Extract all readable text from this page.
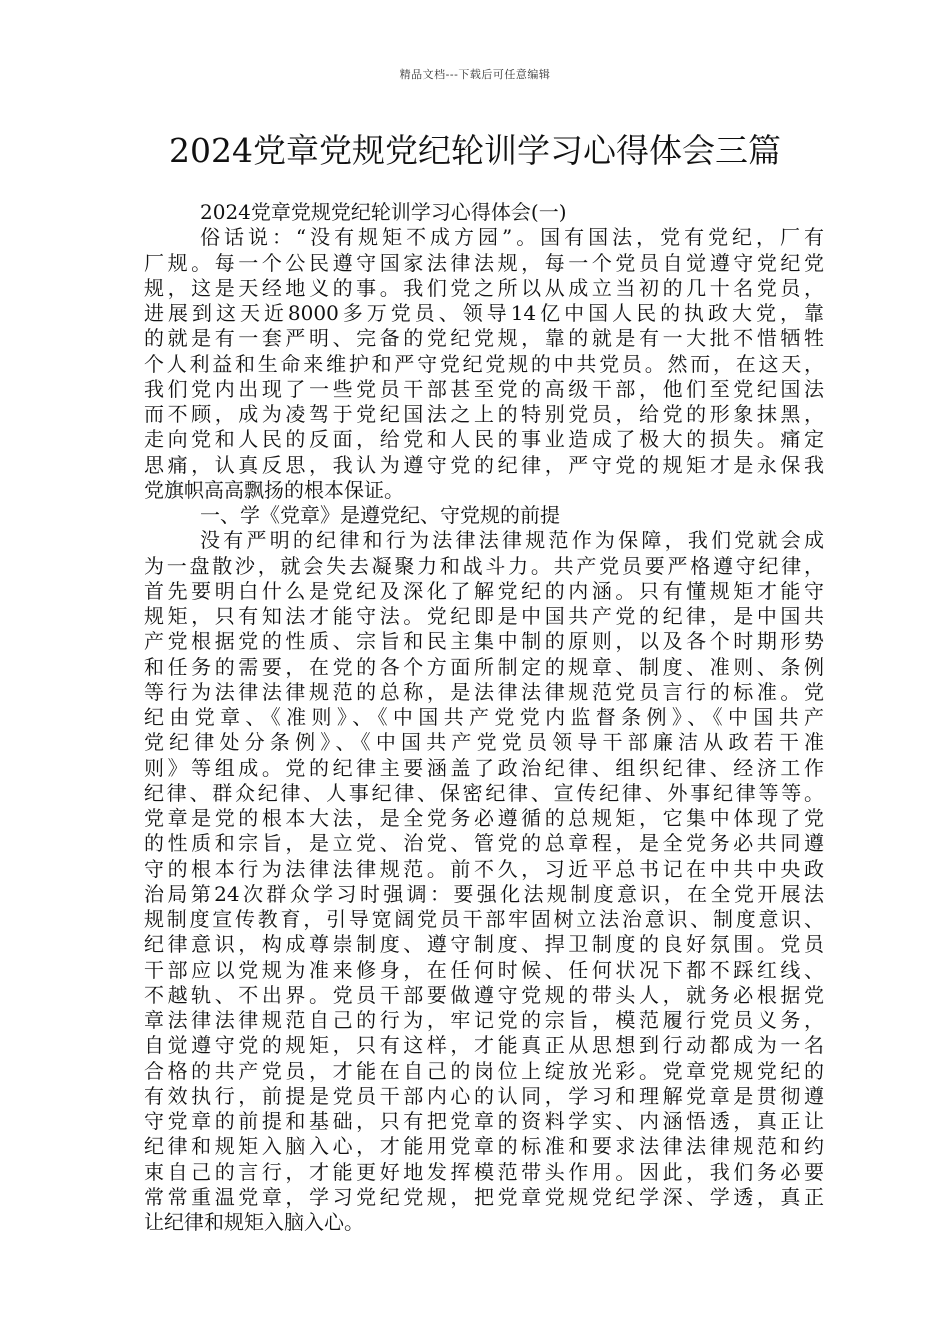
精品文档---下载后可任意编辑
2024党章党规党纪轮训学习心得体会三篇
2024党章党规党纪轮训学习心得体会(一)
俗话说：“没有规矩不成方园”。国有国法，党有党纪，厂有
厂规。每一个公民遵守国家法律法规，每一个党员自觉遵守党纪党
规，这是天经地义的事。我们党之所以从成立当初的几十名党员，
进展到这天近8000多万党员、领导14亿中国人民的执政大党，靠
的就是有一套严明、完备的党纪党规，靠的就是有一大批不惜牺牲
个人利益和生命来维护和严守党纪党规的中共党员。然而，在这天，
我们党内出现了一些党员干部甚至党的高级干部，他们至党纪国法
而不顾，成为凌驾于党纪国法之上的特别党员，给党的形象抹黑，
走向党和人民的反面，给党和人民的事业造成了极大的损失。痛定
思痛，认真反思，我认为遵守党的纪律，严守党的规矩才是永保我
党旗帜高高飘扬的根本保证。
一、学《党章》是遵党纪、守党规的前提
没有严明的纪律和行为法律法律规范作为保障，我们党就会成
为一盘散沙，就会失去凝聚力和战斗力。共产党员要严格遵守纪律，
首先要明白什么是党纪及深化了解党纪的内涵。只有懂规矩才能守
规矩，只有知法才能守法。党纪即是中国共产党的纪律，是中国共
产党根据党的性质、宗旨和民主集中制的原则，以及各个时期形势
和任务的需要，在党的各个方面所制定的规章、制度、准则、条例
等行为法律法律规范的总称，是法律法律规范党员言行的标准。党
纪由党章、《准则》、《中国共产党党内监督条例》、《中国共产
党纪律处分条例》、《中国共产党党员领导干部廉洁从政若干准
则》等组成。党的纪律主要涵盖了政治纪律、组织纪律、经济工作
纪律、群众纪律、人事纪律、保密纪律、宣传纪律、外事纪律等等。
党章是党的根本大法，是全党务必遵循的总规矩，它集中体现了党
的性质和宗旨，是立党、治党、管党的总章程，是全党务必共同遵
守的根本行为法律法律规范。前不久，习近平总书记在中共中央政
治局第24次群众学习时强调：要强化法规制度意识，在全党开展法
规制度宣传教育，引导宽阔党员干部牢固树立法治意识、制度意识、
纪律意识，构成尊崇制度、遵守制度、捍卫制度的良好氛围。党员
干部应以党规为准来修身，在任何时候、任何状况下都不踩红线、
不越轨、不出界。党员干部要做遵守党规的带头人，就务必根据党
章法律法律规范自己的行为，牢记党的宗旨，模范履行党员义务，
自觉遵守党的规矩，只有这样，才能真正从思想到行动都成为一名
合格的共产党员，才能在自己的岗位上绽放光彩。党章党规党纪的
有效执行，前提是党员干部内心的认同，学习和理解党章是贯彻遵
守党章的前提和基础，只有把党章的资料学实、内涵悟透，真正让
纪律和规矩入脑入心，才能用党章的标准和要求法律法律规范和约
束自己的言行，才能更好地发挥模范带头作用。因此，我们务必要
常常重温党章，学习党纪党规，把党章党规党纪学深、学透，真正
让纪律和规矩入脑入心。
